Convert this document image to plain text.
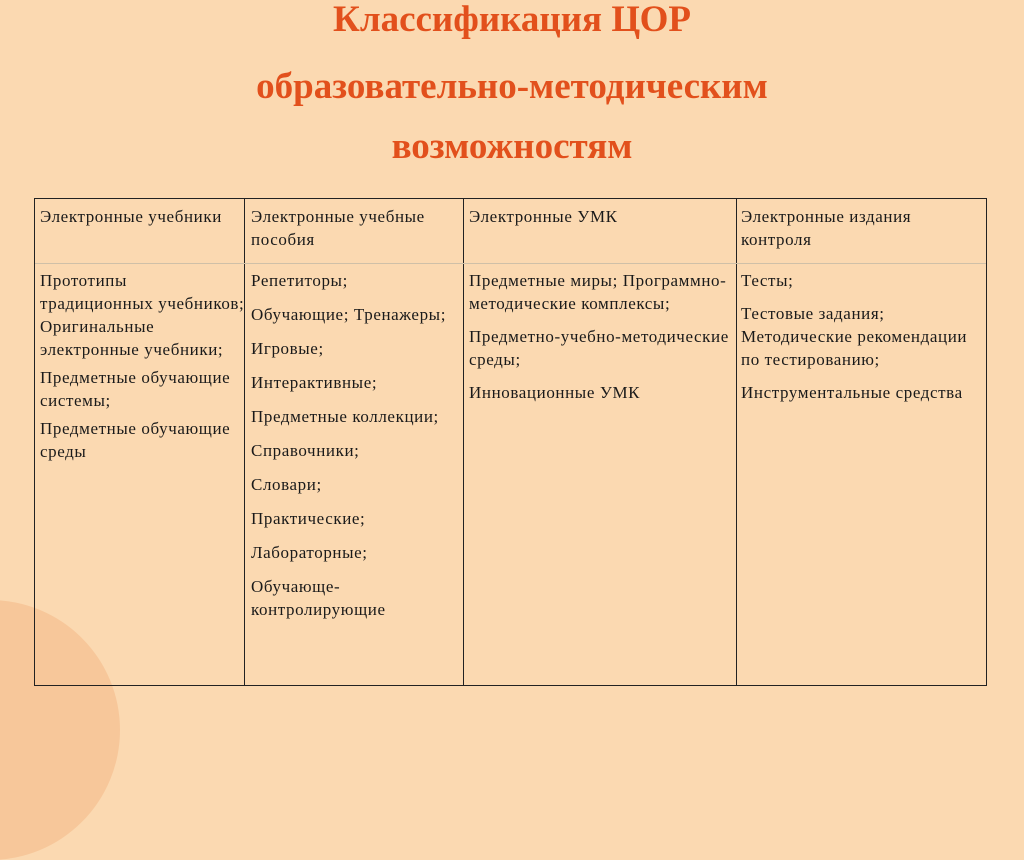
Классификация ЦОР
образовательно-методическим
возможностям
Электронные учебники	Электронные учебные пособия
Электронные УМК	Электронные издания контроля
Прототипы традиционных учебников; Оригинальные электронные учебники;
Предметные обучающие системы;
Предметные обучающие среды
Репетиторы;
Обучающие; Тренажеры;
Игровые;
Интерактивные;
Предметные коллекции;
Справочники;
Словари;
Практические;
Лабораторные;
Обучающе-контролирующие
Предметные миры; Программно-методические комплексы;
Предметно-учебно-методические среды;
Инновационные УМК
Тесты;
Тестовые задания; Методические рекомендации по тестированию;
Инструментальные средства
